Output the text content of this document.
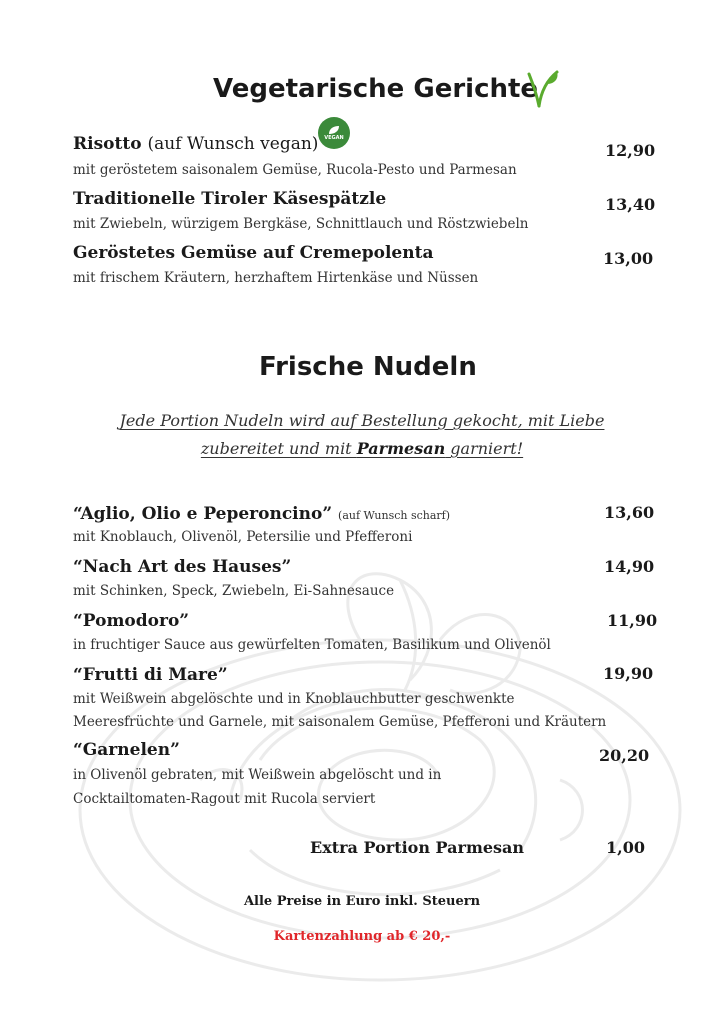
Vegetarische Gerichte
Risotto (auf Wunsch vegan) VEGAN
mit geröstetem saisonalem Gemüse, Rucola-Pesto und Parmesan
12,90
Traditionelle Tiroler Käsespätzle
mit Zwiebeln, würzigem Bergkäse, Schnittlauch und Röstzwiebeln
13,40
Geröstetes Gemüse auf Cremepolenta
mit frischem Kräutern, herzhaftem Hirtenkäse und Nüssen
13,00
Frische Nudeln
Jede Portion Nudeln wird auf Bestellung gekocht, mit Liebe
zubereitet und mit Parmesan garniert!
“Aglio, Olio e Peperoncino” (auf Wunsch scharf)
mit Knoblauch, Olivenöl, Petersilie und Pfefferoni
13,60
“Nach Art des Hauses”
mit Schinken, Speck, Zwiebeln, Ei-Sahnesauce
14,90
“Pomodoro”
in fruchtiger Sauce aus gewürfelten Tomaten, Basilikum und Olivenöl
11,90
“Frutti di Mare”
mit Weißwein abgelöschte und in Knoblauchbutter geschwenkte
Meeresfrüchte und Garnele, mit saisonalem Gemüse, Pfefferoni und Kräutern
19,90
“Garnelen”
in Olivenöl gebraten, mit Weißwein abgelöscht und in
Cocktailtomaten-Ragout mit Rucola serviert
20,20
Extra Portion Parmesan	1,00
Alle Preise in Euro inkl. Steuern
Kartenzahlung ab € 20,-
